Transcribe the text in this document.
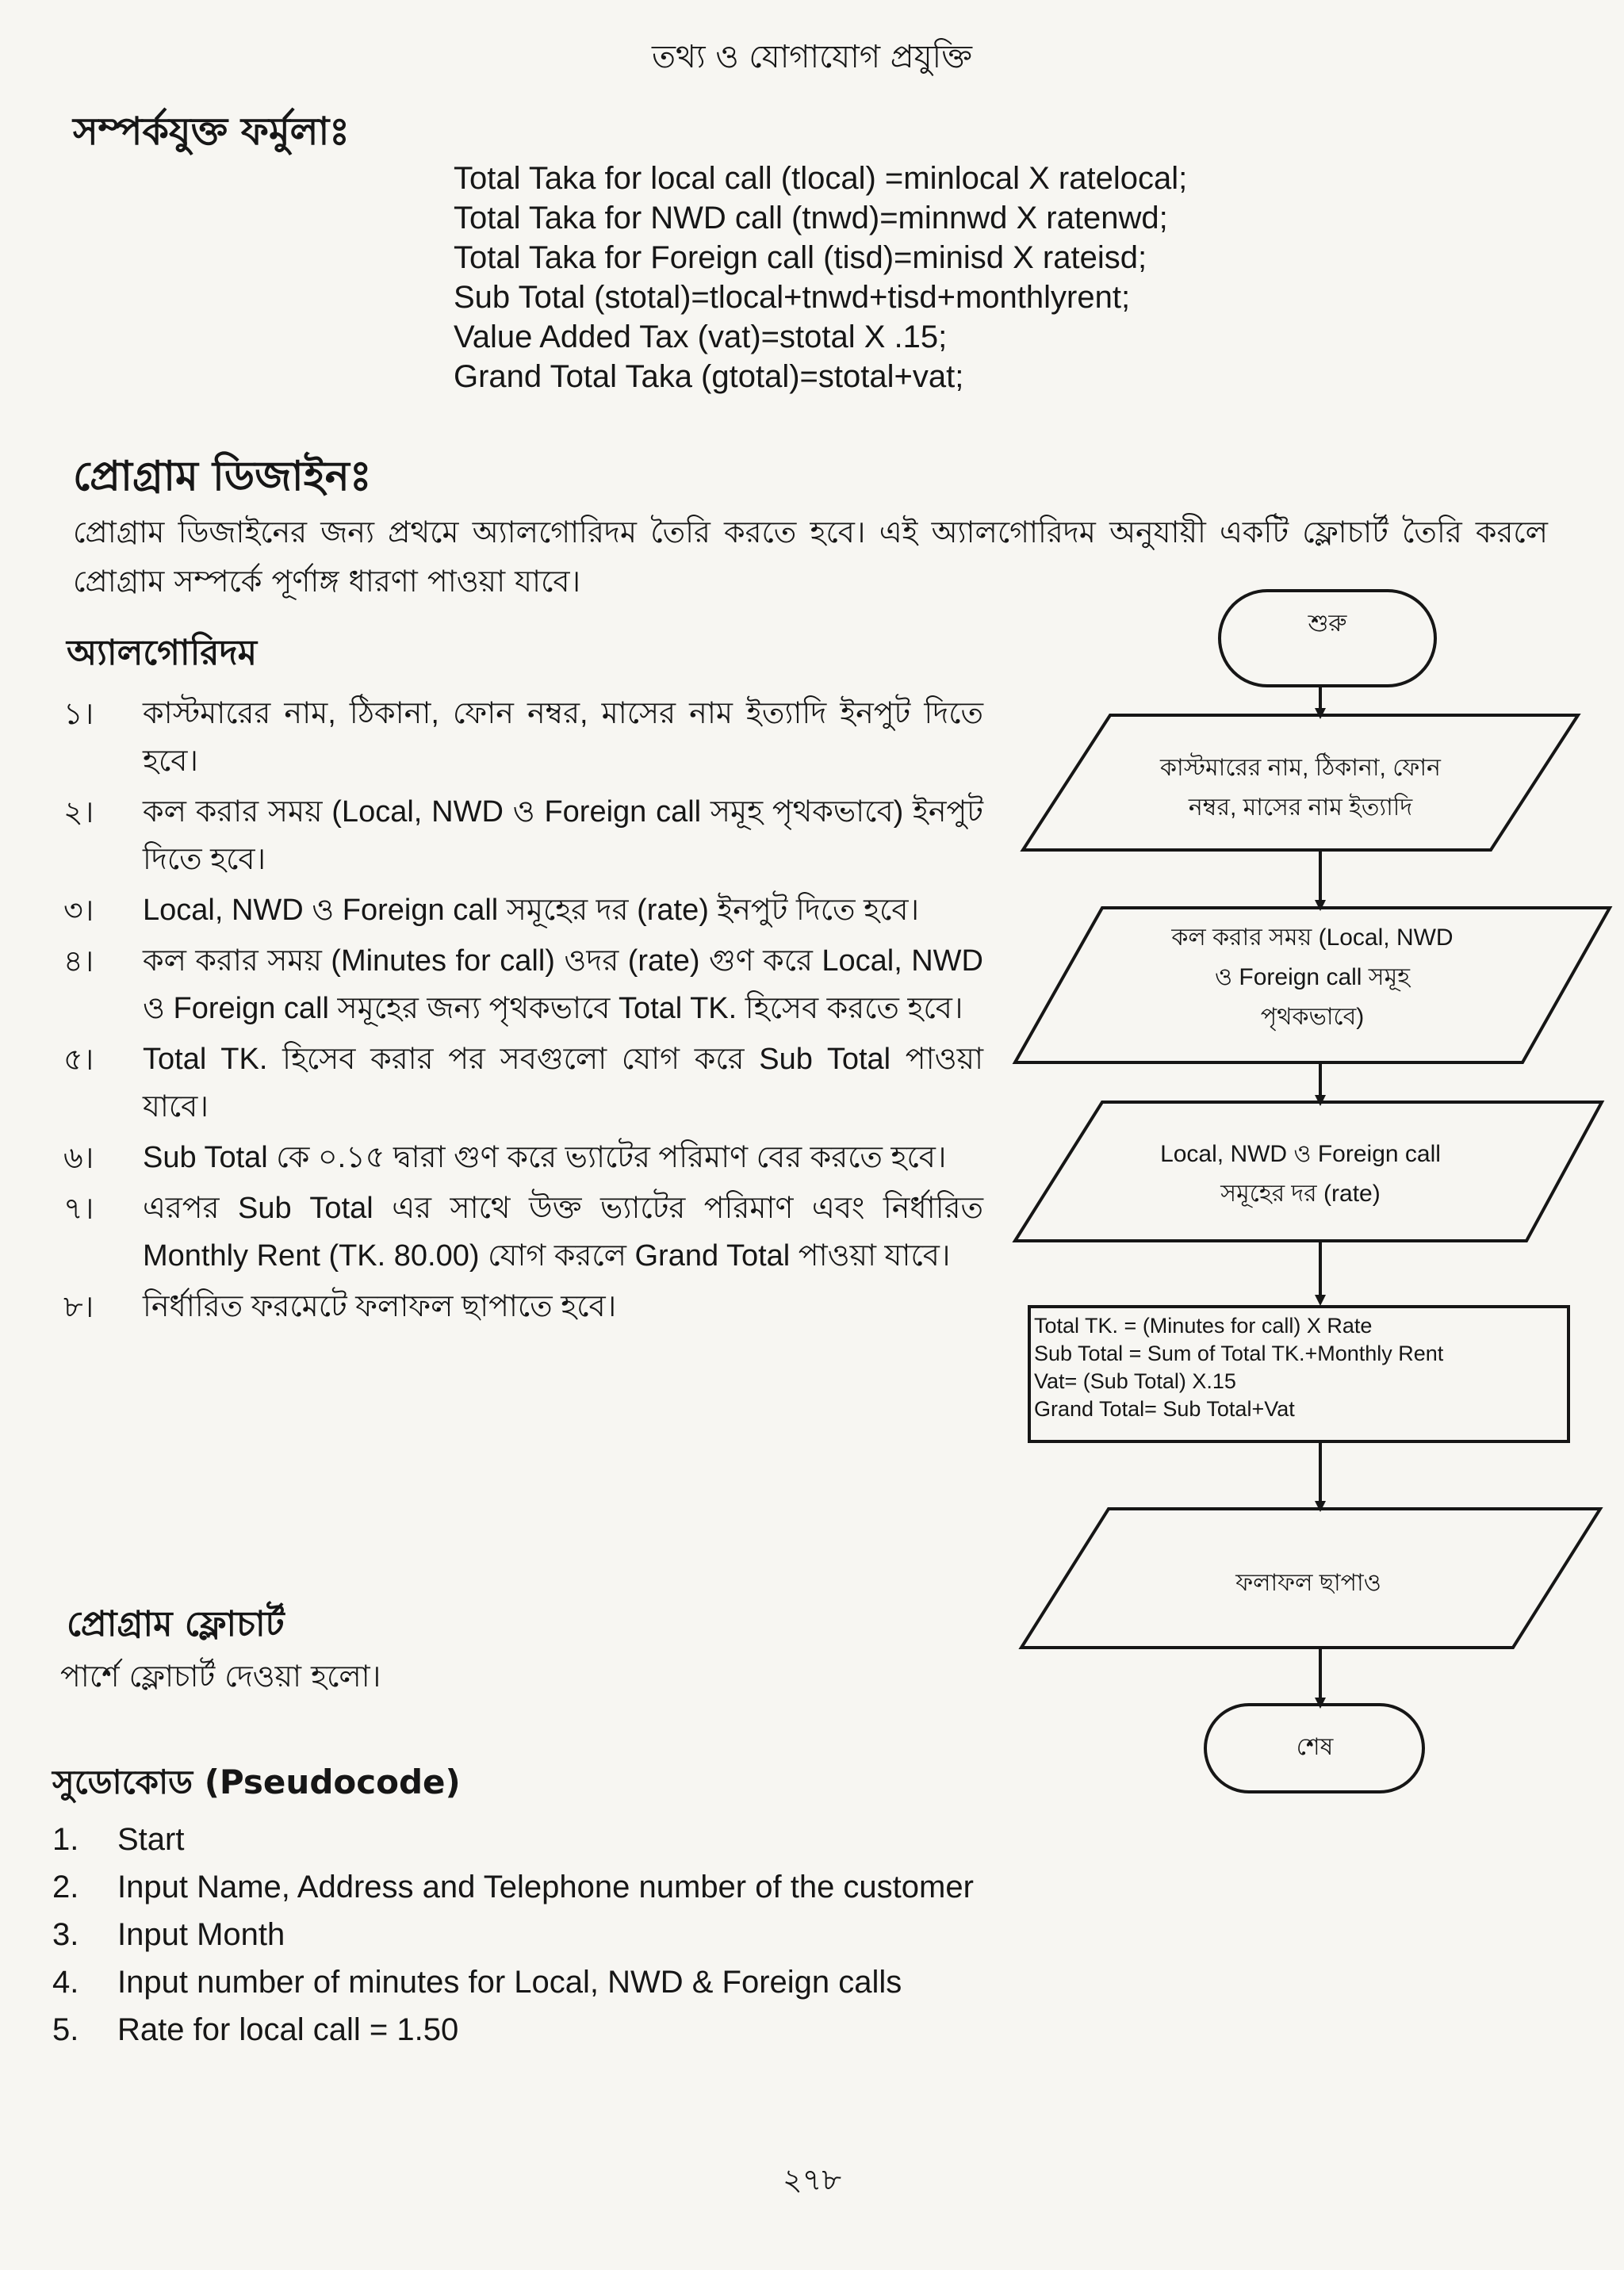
তথ্য ও যোগাযোগ প্রযুক্তি
সম্পর্কযুক্ত ফর্মুলাঃ
Total Taka for local call (tlocal) =minlocal X ratelocal;
Total Taka for NWD call (tnwd)=minnwd X ratenwd;
Total Taka for Foreign call (tisd)=minisd X rateisd;
Sub Total (stotal)=tlocal+tnwd+tisd+monthlyrent;
Value Added Tax (vat)=stotal X .15;
Grand Total Taka (gtotal)=stotal+vat;
প্রোগ্রাম ডিজাইনঃ
প্রোগ্রাম ডিজাইনের জন্য প্রথমে অ্যালগোরিদম তৈরি করতে হবে। এই অ্যালগোরিদম অনুযায়ী একটি ফ্লোচার্ট তৈরি করলে প্রোগ্রাম সম্পর্কে পূর্ণাঙ্গ ধারণা পাওয়া যাবে।
অ্যালগোরিদম
১।	কাস্টমারের নাম, ঠিকানা, ফোন নম্বর, মাসের নাম ইত্যাদি ইনপুট দিতে হবে।
২।	কল করার সময় (Local, NWD ও Foreign call সমূহ পৃথকভাবে) ইনপুট দিতে হবে।
৩।	Local, NWD ও Foreign call সমূহের দর (rate) ইনপুট দিতে হবে।
৪।	কল করার সময় (Minutes for call) ওদর (rate) গুণ করে Local, NWD ও Foreign call সমূহের জন্য পৃথকভাবে Total TK. হিসেব করতে হবে।
৫।	Total TK. হিসেব করার পর সবগুলো যোগ করে Sub Total পাওয়া যাবে।
৬।	Sub Total কে ০.১৫ দ্বারা গুণ করে ভ্যাটের পরিমাণ বের করতে হবে।
৭।	এরপর Sub Total এর সাথে উক্ত ভ্যাটের পরিমাণ এবং নির্ধারিত Monthly Rent (TK. 80.00) যোগ করলে Grand Total পাওয়া যাবে।
৮।	নির্ধারিত ফরমেটে ফলাফল ছাপাতে হবে।
প্রোগ্রাম ফ্লোচার্ট
পার্শে ফ্লোচার্ট দেওয়া হলো।
শুরু
কাস্টমারের নাম, ঠিকানা, ফোন
নম্বর, মাসের নাম ইত্যাদি
কল করার সময় (Local, NWD
ও Foreign call সমূহ
পৃথকভাবে)
Local, NWD ও Foreign call
সমূহের দর (rate)
ফলাফল ছাপাও
শেষ
Total TK. = (Minutes for call) X Rate
Sub Total = Sum of Total TK.+Monthly Rent
Vat= (Sub Total) X.15
Grand Total= Sub Total+Vat
সুডোকোড (Pseudocode)
1.	Start
2.	Input Name, Address and Telephone number of the customer
3.	Input Month
4.	Input number of minutes for Local, NWD & Foreign calls
5.	Rate for local call = 1.50
২৭৮
